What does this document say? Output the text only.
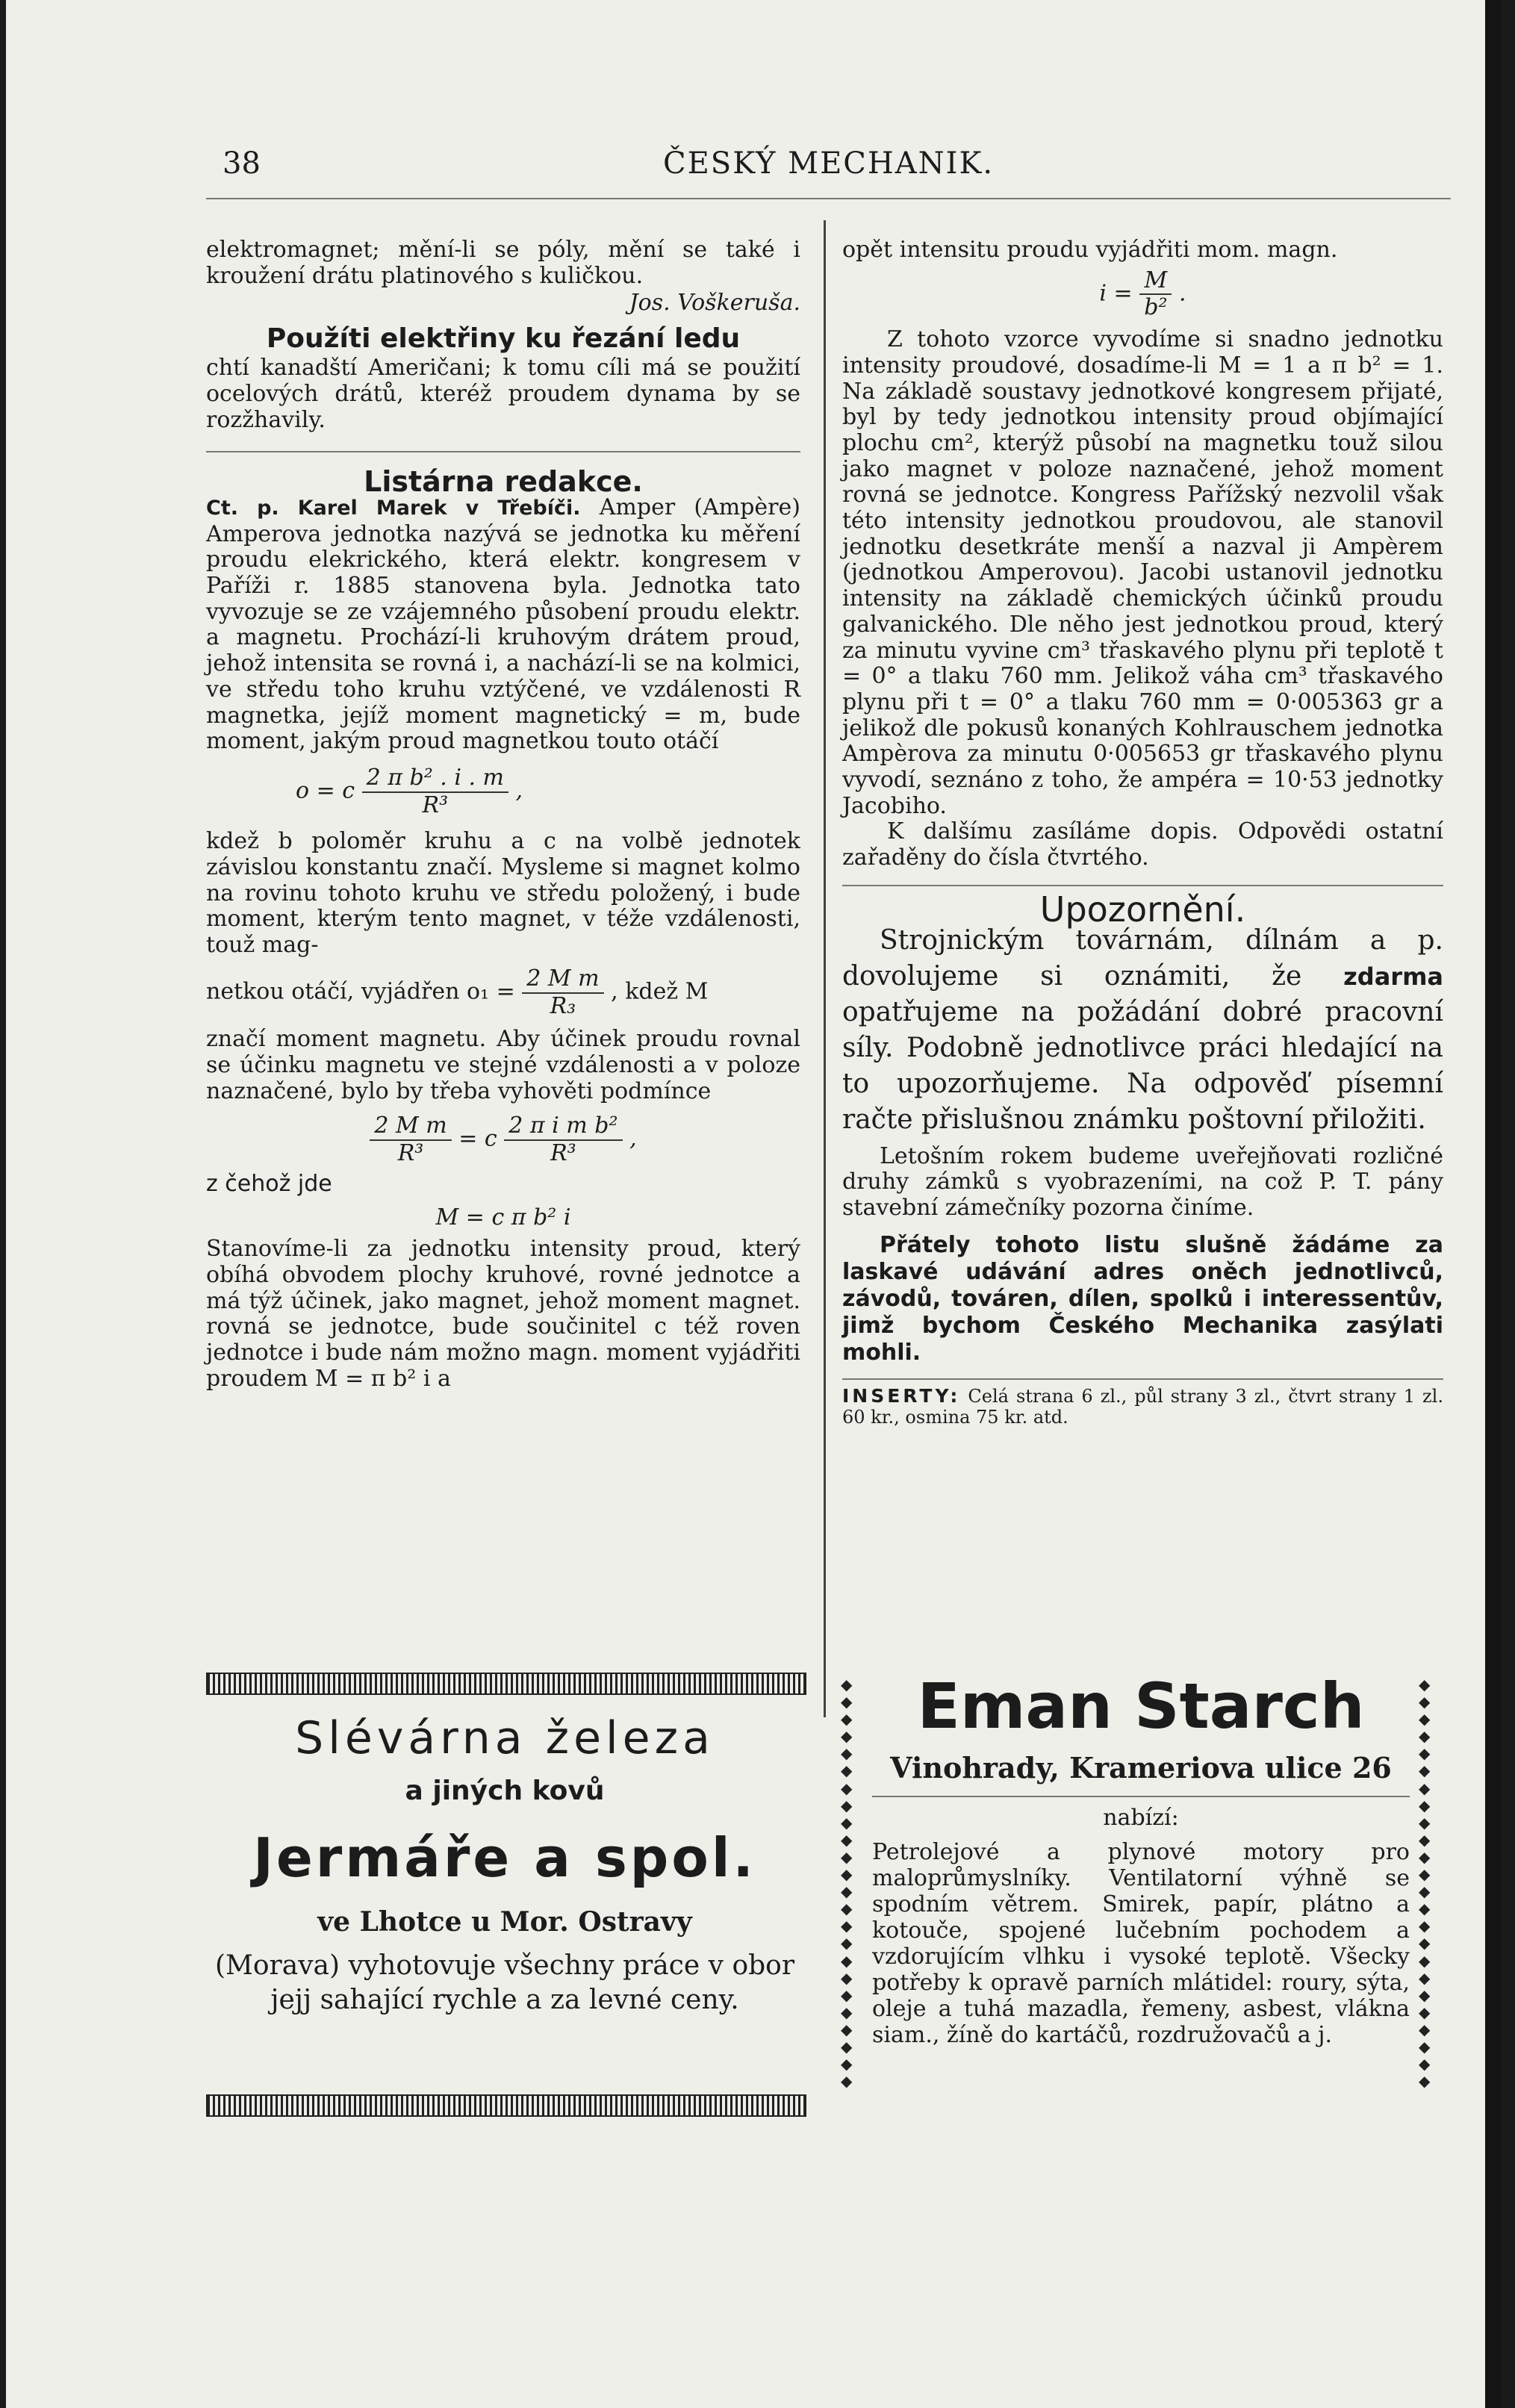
38	ČESKÝ MECHANIK.

elektromagnet; mění-li se póly, mění se také i kroužení drátu platinového s kuličkou.

Jos. Voškeruša.

Použíti elektřiny ku řezání ledu

chtí kanadští Američani; k tomu cíli má se použití ocelových drátů, kteréž proudem dynama by se rozžhavily.

Listárna redakce.

Ct. p. Karel Marek v Třebíči. Amper (Ampère) Amperova jednotka nazývá se jednotka ku měření proudu elekrického, která elektr. kongresem v Paříži r. 1885 stanovena byla. Jednotka tato vyvozuje se ze vzájemného působení proudu elektr. a magnetu. Prochází-li kruhovým drátem proud, jehož intensita se rovná i, a nachází-li se na kolmici, ve středu toho kruhu vztýčené, ve vzdálenosti R magnetka, jejíž moment magnetický = m, bude moment, jakým proud magnetkou touto otáčí

o = c $\frac{\text{2 π b² . i . m}}{\text{R³}}$ ,

kdež b poloměr kruhu a c na volbě jednotek závislou konstantu značí. Mysleme si magnet kolmo na rovinu tohoto kruhu ve středu položený, i bude moment, kterým tento magnet, v téže vzdálenosti, touž mag-

netkou otáčí, vyjádřen $o_1 = \frac{\text{2 M m}}{\text{R₃}}$ , kdež M

značí moment magnetu. Aby účinek proudu rovnal se účinku magnetu ve stejné vzdálenosti a v poloze naznačené, bylo by třeba vyhověti podmínce

$\frac{\text{2 M m}}{\text{R³}} = c \frac{\text{2 π i m b²}}{\text{R³}}$ ,

z čehož jde

M = c π b² i

Stanovíme-li za jednotku intensity proud, který obíhá obvodem plochy kruhové, rovné jednotce a má týž účinek, jako magnet, jehož moment magnet. rovná se jednotce, bude součinitel c též roven jednotce i bude nám možno magn. moment vyjádřiti proudem M = π b² i a

opět intensitu proudu vyjádřiti mom. magn.

$i = \frac{M}{\text{b²}}$ .

Z tohoto vzorce vyvodíme si snadno jednotku intensity proudové, dosadíme-li M = 1 a π b² = 1. Na základě soustavy jednotkové kongresem přijaté, byl by tedy jednotkou intensity proud objímající plochu cm², kterýž působí na magnetku touž silou jako magnet v poloze naznačené, jehož moment rovná se jednotce. Kongress Pařížský nezvolil však této intensity jednotkou proudovou, ale stanovil jednotku desetkráte menší a nazval ji Ampèrem (jednotkou Amperovou). Jacobi ustanovil jednotku intensity na základě chemických účinků proudu galvanického. Dle něho jest jednotkou proud, který za minutu vyvine cm³ třaskavého plynu při teplotě t = 0° a tlaku 760 mm. Jelikož váha cm³ třaskavého plynu při t = 0° a tlaku 760 mm = 0·005363 gr a jelikož dle pokusů konaných Kohlrauschem jednotka Ampèrova za minutu 0·005653 gr třaskavého plynu vyvodí, seznáno z toho, že ampéra = 10·53 jednotky Jacobiho.

K dalšímu zasíláme dopis. Odpovědi ostatní zařaděny do čísla čtvrtého.

Upozornění.

Strojnickým továrnám, dílnám a p. dovolujeme si oznámiti, že zdarma opatřujeme na požádání dobré pracovní síly. Podobně jednotlivce práci hledající na to upozorňujeme. Na odpověď písemní račte přislušnou známku poštovní přiložiti.

Letošním rokem budeme uveřejňovati rozličné druhy zámků s vyobrazeními, na což P. T. pány stavební zámečníky pozorna činíme.

Přátely tohoto listu slušně žádáme za laskavé udávání adres oněch jednotlivců, závodů, továren, dílen, spolků i interessentův, jimž bychom Českého Mechanika zasýlati mohli.

INSERTY: Celá strana 6 zl., půl strany 3 zl., čtvrt strany 1 zl. 60 kr., osmina 75 kr. atd.

Slévárna železa
a jiných kovů
Jermáře a spol.
ve Lhotce u Mor. Ostravy
(Morava) vyhotovuje všechny práce v obor jejj sahající rychle a za levné ceny.
◆
◆
◆
◆
◆
◆
◆
◆
◆
◆
◆
◆
◆
◆
◆
◆
◆
◆
◆
◆
◆
◆
◆
◆
◆
◆
◆
◆
◆
◆
◆
◆
◆
◆
◆
◆
◆
◆
◆
◆
◆
◆
◆
◆
◆
◆
◆
◆
Eman Starch
Vinohrady, Krameriova ulice 26
nabízí:
Petrolejové a plynové motory pro maloprůmyslníky. Ventilatorní výhně se spodním větrem. Smirek, papír, plátno a kotouče, spojené lučebním pochodem a vzdorujícím vlhku i vysoké teplotě. Všecky potřeby k opravě parních mlátidel: roury, sýta, oleje a tuhá mazadla, řemeny, asbest, vlákna siam., žíně do kartáčů, rozdružovačů a j.
